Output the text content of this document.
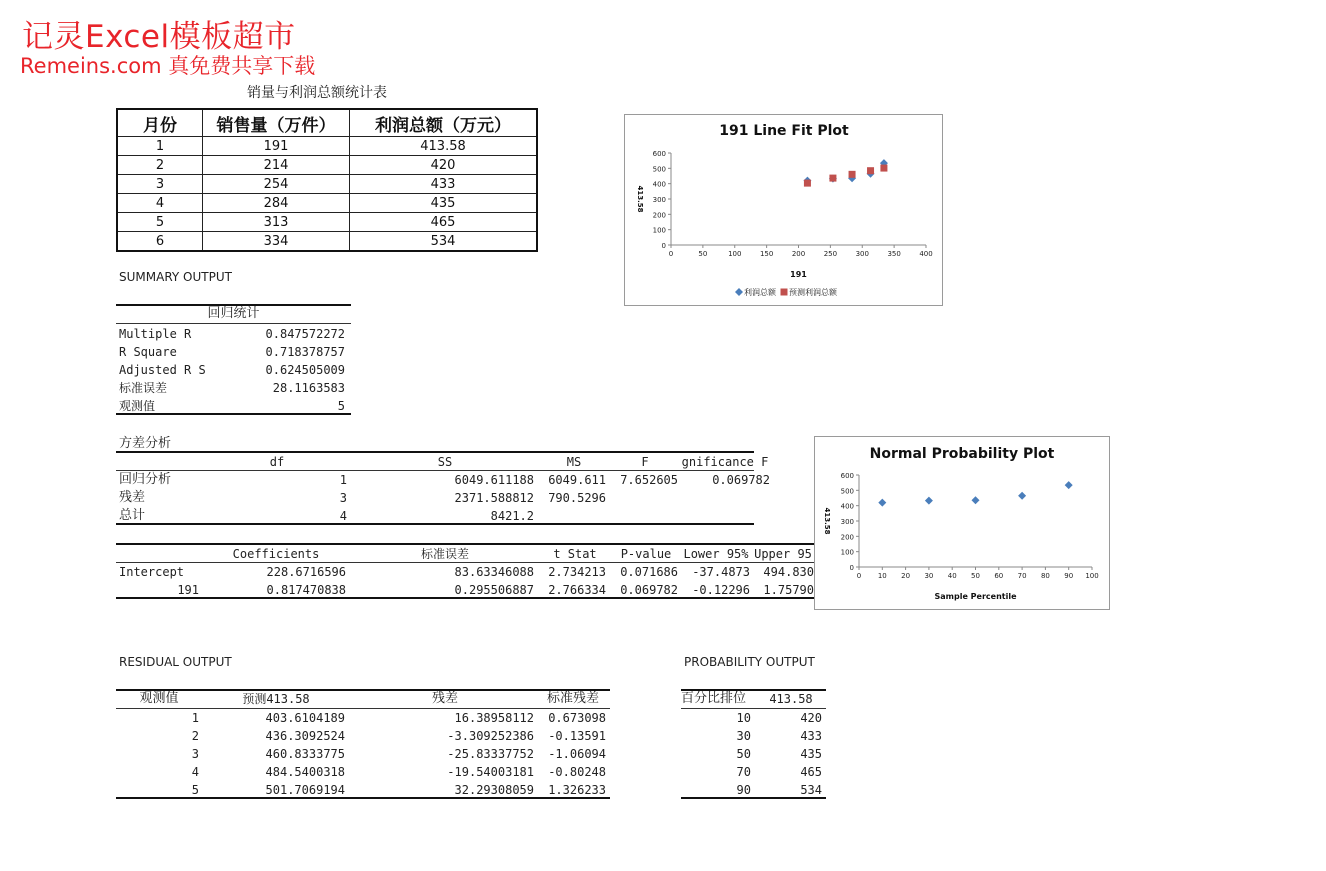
记灵Excel模板超市
Remeins.com 真免费共享下载
销量与利润总额统计表
月份	销售量（万件）	利润总额（万元）
1	191	413.58
2	214	420
3	254	433
4	284	435
5	313	465
6	334	534
SUMMARY OUTPUT
回归统计
Multiple R	0.847572272
R Square	0.718378757
Adjusted R S	0.624505009
标准误差	28.1163583
观测值	5
方差分析
df	SS	MS	F	gnificance F
回归分析	1	6049.611188	6049.611	7.652605	0.069782
残差	3	2371.588812	790.5296
总计	4	8421.2
Coefficients	标准误差	t Stat	P-value	Lower 95% Upper 95
Intercept	228.6716596	83.63346088	2.734213	0.071686	-37.4873	494.830
191	0.817470838	0.295506887	2.766334	0.069782	-0.12296	1.75790
RESIDUAL OUTPUT
观测值	预测413.58	残差	标准残差
1	403.6104189	16.38958112	0.673098
2	436.3092524	-3.309252386	-0.13591
3	460.8333775	-25.83337752	-1.06094
4	484.5400318	-19.54003181	-0.80248
5	501.7069194	32.29308059	1.326233
PROBABILITY OUTPUT
百分比排位	413.58
10	420
30	433
50	435
70	465
90	534
191 Line Fit Plot
0
100
200
300
400
500
600
0	50	100	150	200	250	300	350	400
191
413.58
利润总额 预测利润总额
Normal Probability Plot
0
100
200
300
400
500
600
0 10 20 30 40 50 60 70 80 90 100
Sample Percentile
413.58
